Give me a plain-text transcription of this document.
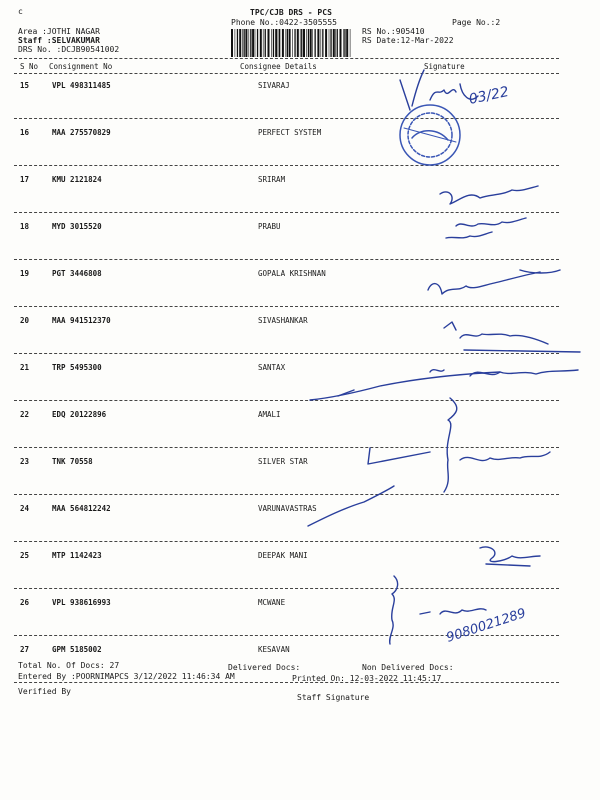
c	TPC/CJB DRS - PCS
Phone No.:0422-3505555	Page No.:2
Area :JOTHI NAGAR
Staff :SELVAKUMAR
DRS No. :DCJB90541002
RS No.:905410
RS Date:12-Mar-2022
S No Consignment No	Consignee Details	Signature
15	VPL 498311485	SIVARAJ
16	MAA 275570829	PERFECT SYSTEM
17	KMU 2121824	SRIRAM
18	MYD 3015520	PRABU
19	PGT 3446808	GOPALA KRISHNAN
20	MAA 941512370	SIVASHANKAR
21	TRP 5495300	SANTAX
22	EDQ 20122896	AMALI
23	TNK 70558	SILVER STAR
24	MAA 564812242	VARUNAVASTRAS
25	MTP 1142423	DEEPAK MANI
26	VPL 938616993	MCWANE
27	GPM 5185002	KESAVAN
Total No. Of Docs: 27	Delivered Docs:	Non Delivered Docs:
Entered By :POORNIMAPCS 3/12/2022 11:46:34 AM	Printed On: 12-03-2022 11:45:17
Verified By
Staff Signature
03/22
9080021289
